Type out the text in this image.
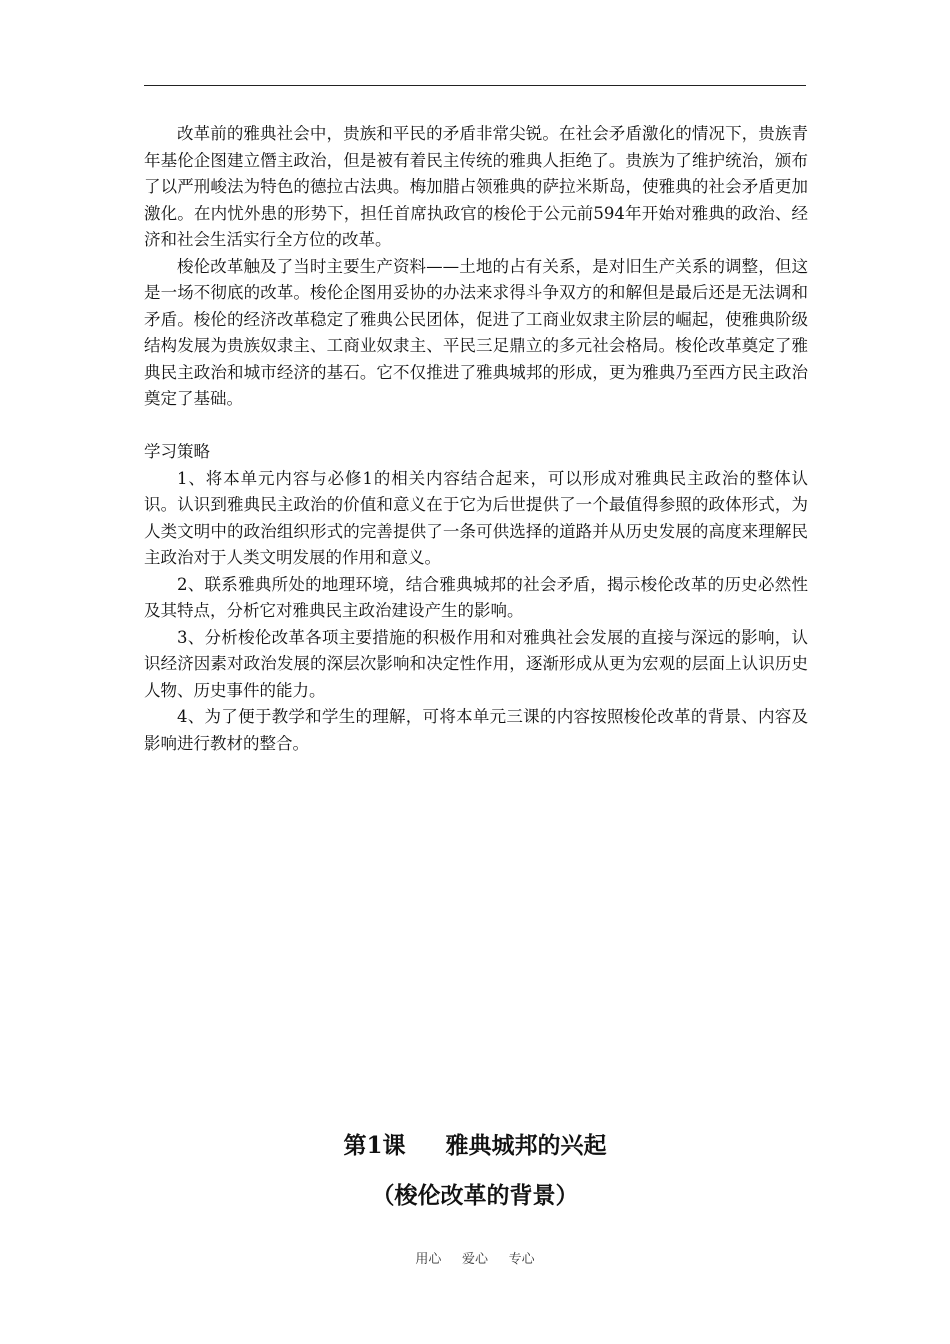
改革前的雅典社会中，贵族和平民的矛盾非常尖锐。在社会矛盾激化的情况下，贵族青年基伦企图建立僭主政治，但是被有着民主传统的雅典人拒绝了。贵族为了维护统治，颁布了以严刑峻法为特色的德拉古法典。梅加腊占领雅典的萨拉米斯岛，使雅典的社会矛盾更加激化。在内忧外患的形势下，担任首席执政官的梭伦于公元前594年开始对雅典的政治、经济和社会生活实行全方位的改革。

梭伦改革触及了当时主要生产资料——土地的占有关系，是对旧生产关系的调整，但这是一场不彻底的改革。梭伦企图用妥协的办法来求得斗争双方的和解但是最后还是无法调和矛盾。梭伦的经济改革稳定了雅典公民团体，促进了工商业奴隶主阶层的崛起，使雅典阶级结构发展为贵族奴隶主、工商业奴隶主、平民三足鼎立的多元社会格局。梭伦改革奠定了雅典民主政治和城市经济的基石。它不仅推进了雅典城邦的形成，更为雅典乃至西方民主政治奠定了基础。

学习策略

1、将本单元内容与必修1的相关内容结合起来，可以形成对雅典民主政治的整体认识。认识到雅典民主政治的价值和意义在于它为后世提供了一个最值得参照的政体形式，为人类文明中的政治组织形式的完善提供了一条可供选择的道路并从历史发展的高度来理解民主政治对于人类文明发展的作用和意义。

2、联系雅典所处的地理环境，结合雅典城邦的社会矛盾，揭示梭伦改革的历史必然性及其特点，分析它对雅典民主政治建设产生的影响。

3、分析梭伦改革各项主要措施的积极作用和对雅典社会发展的直接与深远的影响，认识经济因素对政治发展的深层次影响和决定性作用，逐渐形成从更为宏观的层面上认识历史人物、历史事件的能力。

4、为了便于教学和学生的理解，可将本单元三课的内容按照梭伦改革的背景、内容及影响进行教材的整合。

第1课     雅典城邦的兴起
（梭伦改革的背景）
用心     爱心     专心
